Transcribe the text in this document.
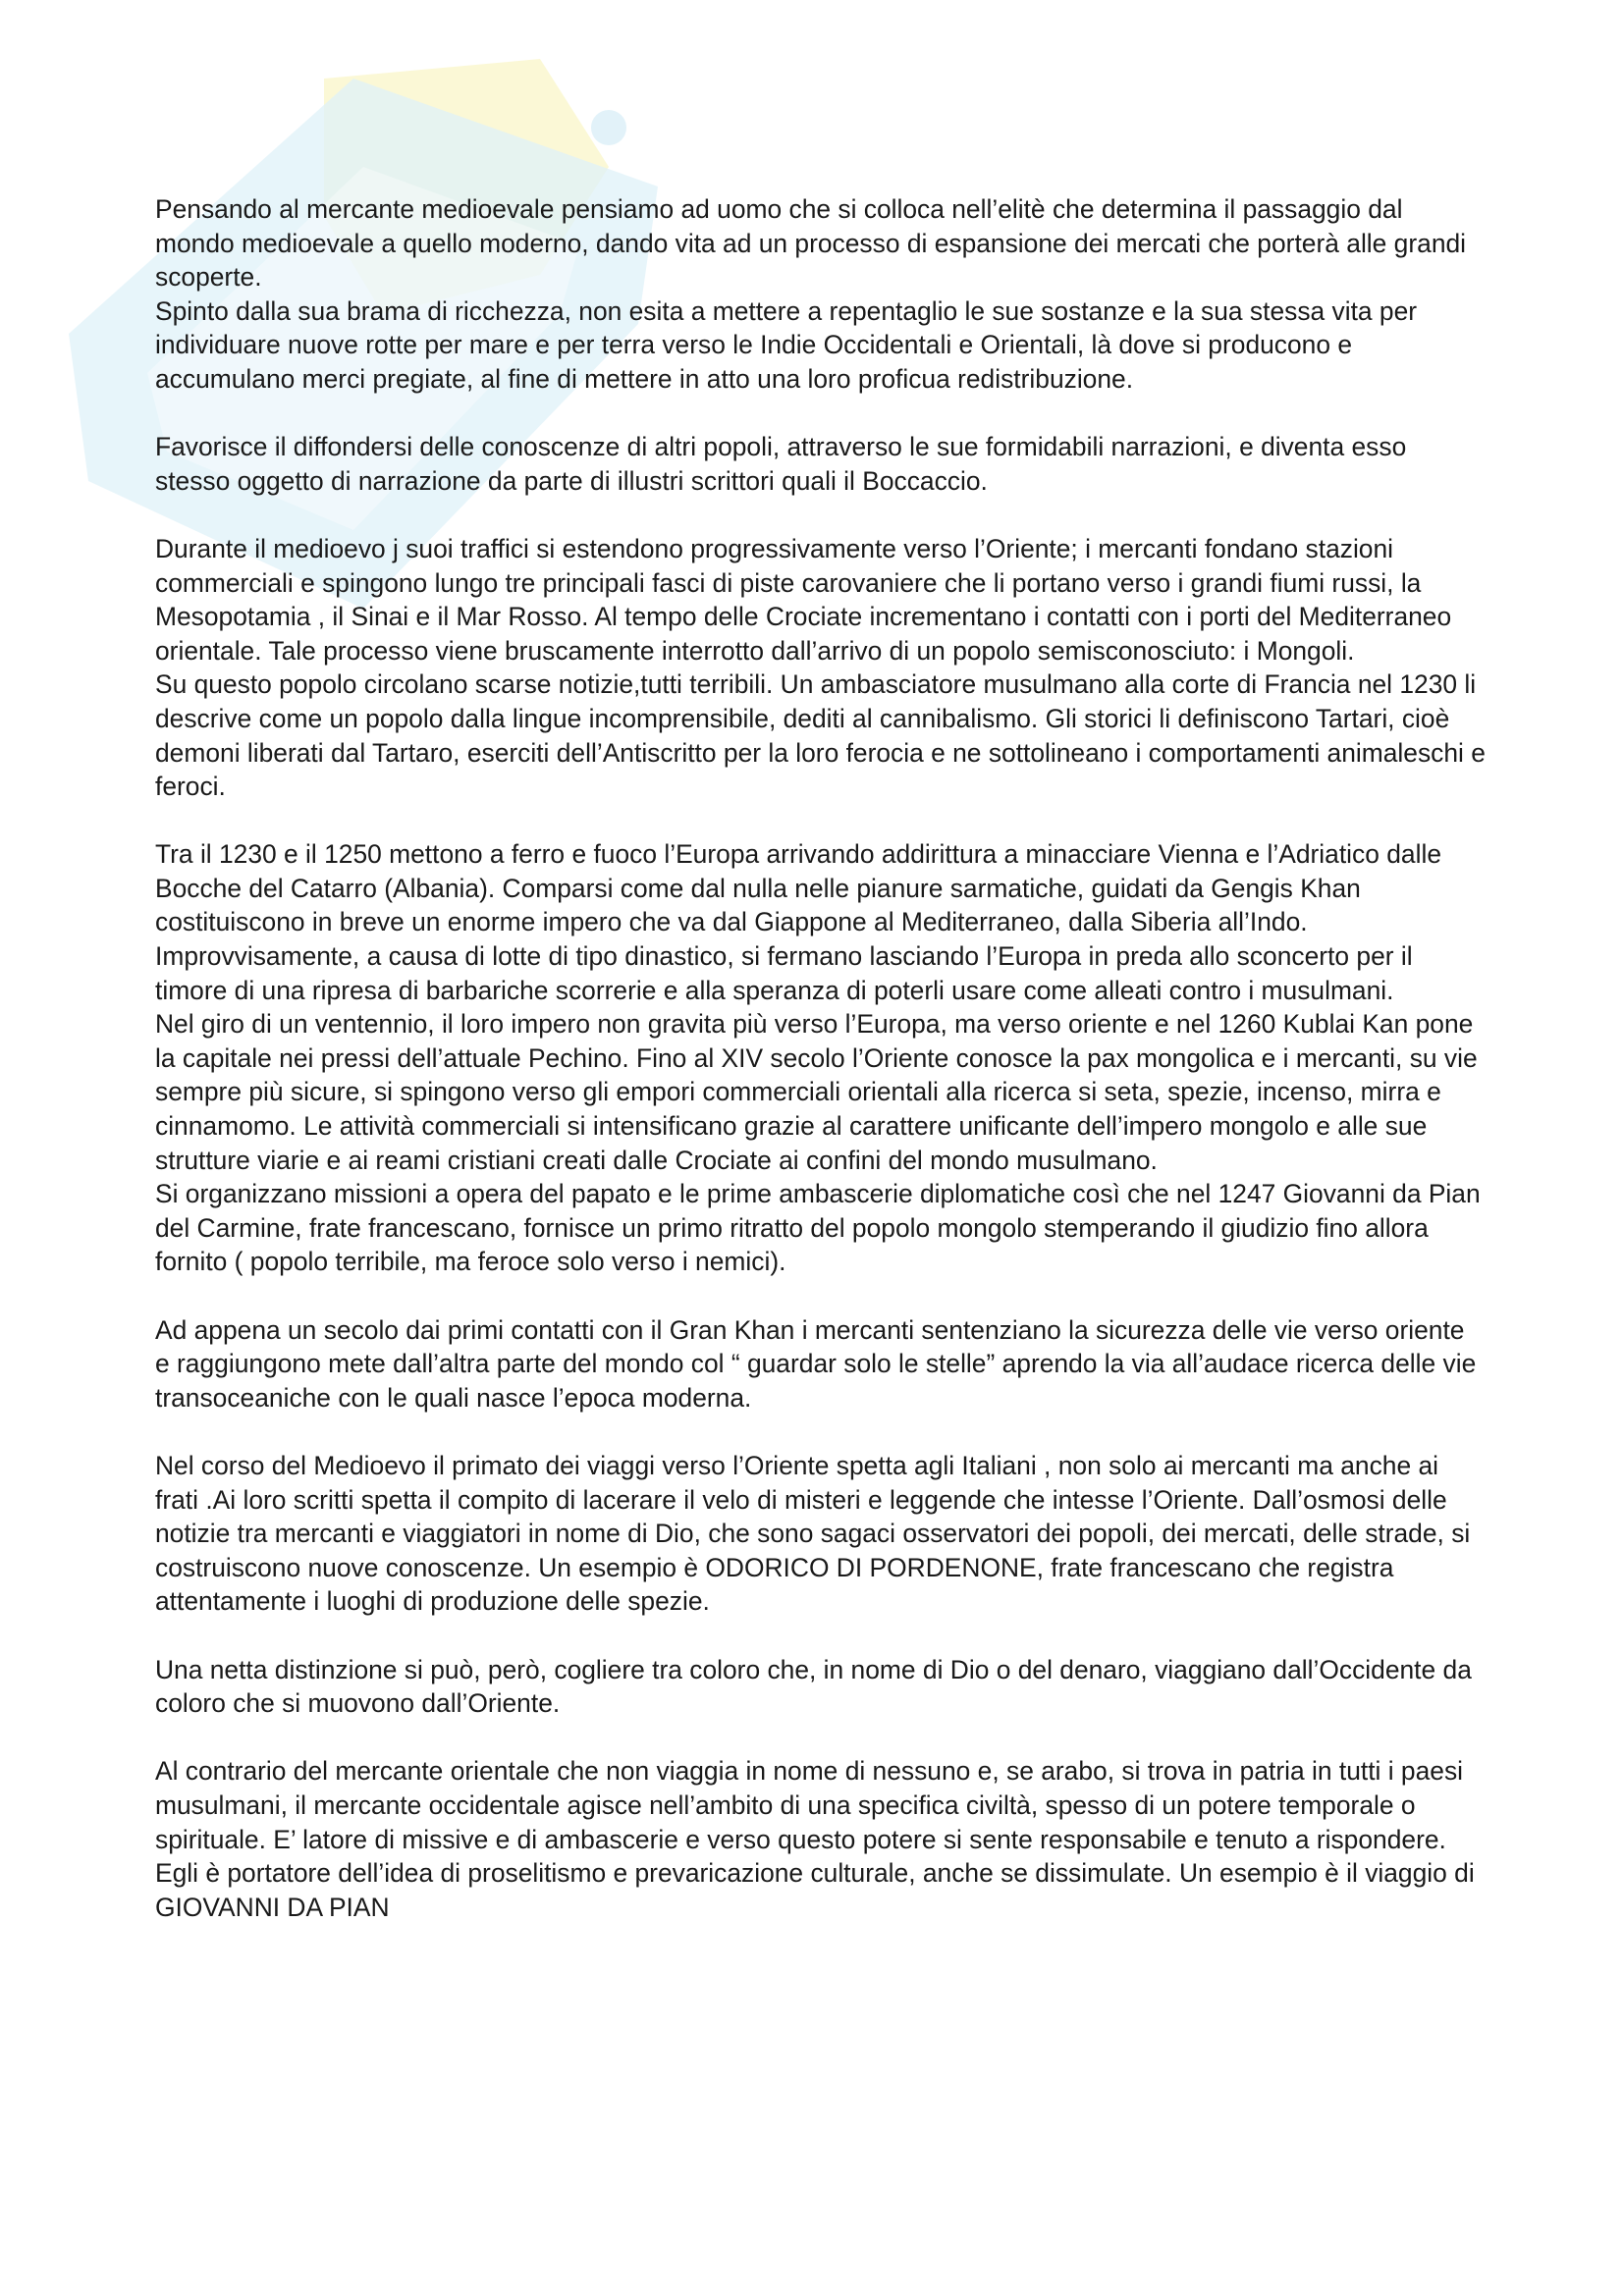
Pensando al mercante medioevale pensiamo ad uomo che si colloca nell’elitè che determina il passaggio dal mondo medioevale a quello moderno, dando vita ad un processo di espansione dei mercati che porterà alle grandi scoperte.

Spinto dalla sua brama di ricchezza, non esita a mettere a repentaglio le sue sostanze e la sua stessa vita per individuare nuove rotte per mare e per terra verso le Indie Occidentali e Orientali, là dove si producono e accumulano merci pregiate, al fine di mettere in atto una loro proficua redistribuzione.

Favorisce il diffondersi delle conoscenze di altri popoli, attraverso le sue formidabili narrazioni, e diventa esso stesso oggetto di narrazione da parte di illustri scrittori quali il Boccaccio.

Durante il medioevo j suoi traffici si estendono progressivamente verso l’Oriente; i mercanti fondano stazioni commerciali e spingono lungo tre principali fasci di piste carovaniere che li portano verso i grandi fiumi russi, la Mesopotamia , il Sinai e il Mar Rosso. Al tempo delle Crociate incrementano i contatti con i porti del Mediterraneo orientale. Tale processo viene bruscamente interrotto dall’arrivo di un popolo semisconosciuto: i Mongoli.

Su questo popolo circolano scarse notizie,tutti terribili. Un ambasciatore musulmano alla corte di Francia nel 1230 li descrive come un popolo dalla lingue incomprensibile, dediti al cannibalismo. Gli storici li definiscono Tartari, cioè demoni liberati dal Tartaro, eserciti dell’Antiscritto per la loro ferocia e ne sottolineano i comportamenti animaleschi e feroci.

Tra il 1230 e il 1250 mettono a ferro e fuoco l’Europa arrivando addirittura a minacciare Vienna e l’Adriatico dalle Bocche del Catarro (Albania). Comparsi come dal nulla nelle pianure sarmatiche, guidati da Gengis Khan costituiscono in breve un enorme impero che va dal Giappone al Mediterraneo, dalla Siberia all’Indo. Improvvisamente, a causa di lotte di tipo dinastico, si fermano lasciando l’Europa in preda allo sconcerto per il timore di una ripresa di barbariche scorrerie e alla speranza di poterli usare come alleati contro i musulmani.

Nel giro di un ventennio, il loro impero non gravita più verso l’Europa, ma verso oriente e nel 1260 Kublai Kan pone la capitale nei pressi dell’attuale Pechino. Fino al XIV secolo l’Oriente conosce la pax mongolica e i mercanti, su vie sempre più sicure, si spingono verso gli empori commerciali orientali alla ricerca si seta, spezie, incenso, mirra e cinnamomo. Le attività commerciali si intensificano grazie al carattere unificante dell’impero mongolo e alle sue strutture viarie e ai reami cristiani creati dalle Crociate ai confini del mondo musulmano.

Si organizzano missioni a opera del papato e le prime ambascerie diplomatiche così che nel 1247 Giovanni da Pian del Carmine, frate francescano, fornisce un primo ritratto del popolo mongolo stemperando il giudizio fino allora fornito ( popolo terribile, ma feroce solo verso i nemici).

Ad appena un secolo dai primi contatti con il Gran Khan i mercanti sentenziano la sicurezza delle vie verso oriente e raggiungono mete dall’altra parte del mondo col “ guardar solo le stelle” aprendo la via all’audace ricerca delle vie transoceaniche con le quali nasce l’epoca moderna.

Nel corso del Medioevo il primato dei viaggi verso l’Oriente spetta agli Italiani , non solo ai mercanti ma anche ai frati .Ai loro scritti spetta il compito di lacerare il velo di misteri e leggende che intesse l’Oriente. Dall’osmosi delle notizie tra mercanti e viaggiatori in nome di Dio, che sono sagaci osservatori dei popoli, dei mercati, delle strade, si costruiscono nuove conoscenze. Un esempio è ODORICO DI PORDENONE, frate francescano che registra attentamente i luoghi di produzione delle spezie.

Una netta distinzione si può, però, cogliere tra coloro che, in nome di Dio o del denaro, viaggiano dall’Occidente da coloro che si muovono dall’Oriente.

Al contrario del mercante orientale che non viaggia in nome di nessuno e, se arabo, si trova in patria in tutti i paesi musulmani, il mercante occidentale agisce nell’ambito di una specifica civiltà, spesso di un potere temporale o spirituale. E’ latore di missive e di ambascerie e verso questo potere si sente responsabile e tenuto a rispondere. Egli è portatore dell’idea di proselitismo e prevaricazione culturale, anche se dissimulate. Un esempio è il viaggio di GIOVANNI DA PIAN
